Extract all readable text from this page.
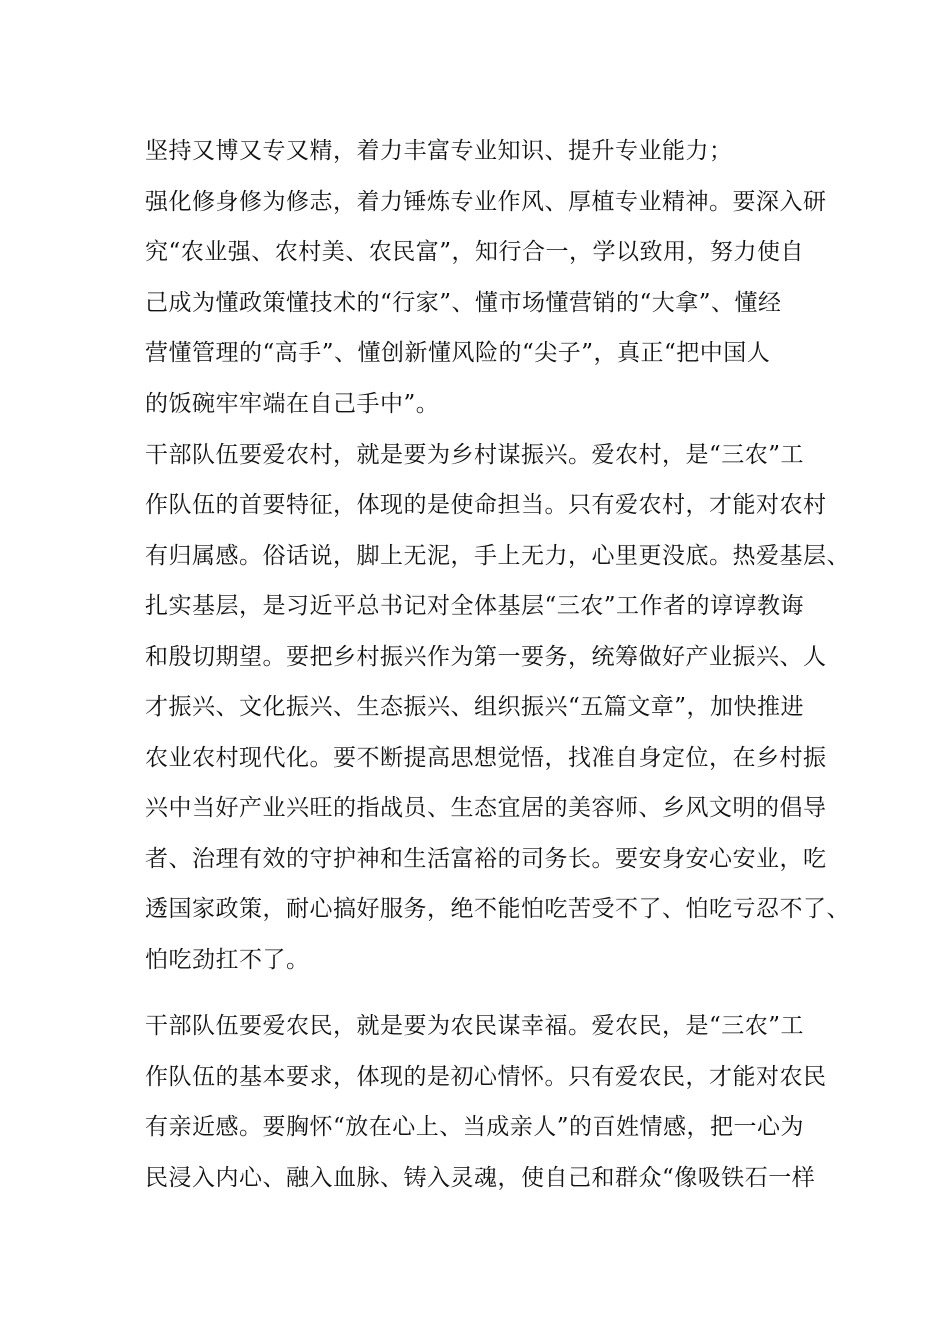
坚持又博又专又精，着力丰富专业知识、提升专业能力；
强化修身修为修志，着力锤炼专业作风、厚植专业精神。要深入研
究“农业强、农村美、农民富”，知行合一，学以致用，努力使自
己成为懂政策懂技术的“行家”、懂市场懂营销的“大拿”、懂经
营懂管理的“高手”、懂创新懂风险的“尖子”，真正“把中国人
的饭碗牢牢端在自己手中”。
干部队伍要爱农村，就是要为乡村谋振兴。爱农村，是“三农”工
作队伍的首要特征，体现的是使命担当。只有爱农村，才能对农村
有归属感。俗话说，脚上无泥，手上无力，心里更没底。热爱基层、
扎实基层，是习近平总书记对全体基层“三农”工作者的谆谆教诲
和殷切期望。要把乡村振兴作为第一要务，统筹做好产业振兴、人
才振兴、文化振兴、生态振兴、组织振兴“五篇文章”，加快推进
农业农村现代化。要不断提高思想觉悟，找准自身定位，在乡村振
兴中当好产业兴旺的指战员、生态宜居的美容师、乡风文明的倡导
者、治理有效的守护神和生活富裕的司务长。要安身安心安业，吃
透国家政策，耐心搞好服务，绝不能怕吃苦受不了、怕吃亏忍不了、
怕吃劲扛不了。
干部队伍要爱农民，就是要为农民谋幸福。爱农民，是“三农”工
作队伍的基本要求，体现的是初心情怀。只有爱农民，才能对农民
有亲近感。要胸怀“放在心上、当成亲人”的百姓情感，把一心为
民浸入内心、融入血脉、铸入灵魂，使自己和群众“像吸铁石一样
